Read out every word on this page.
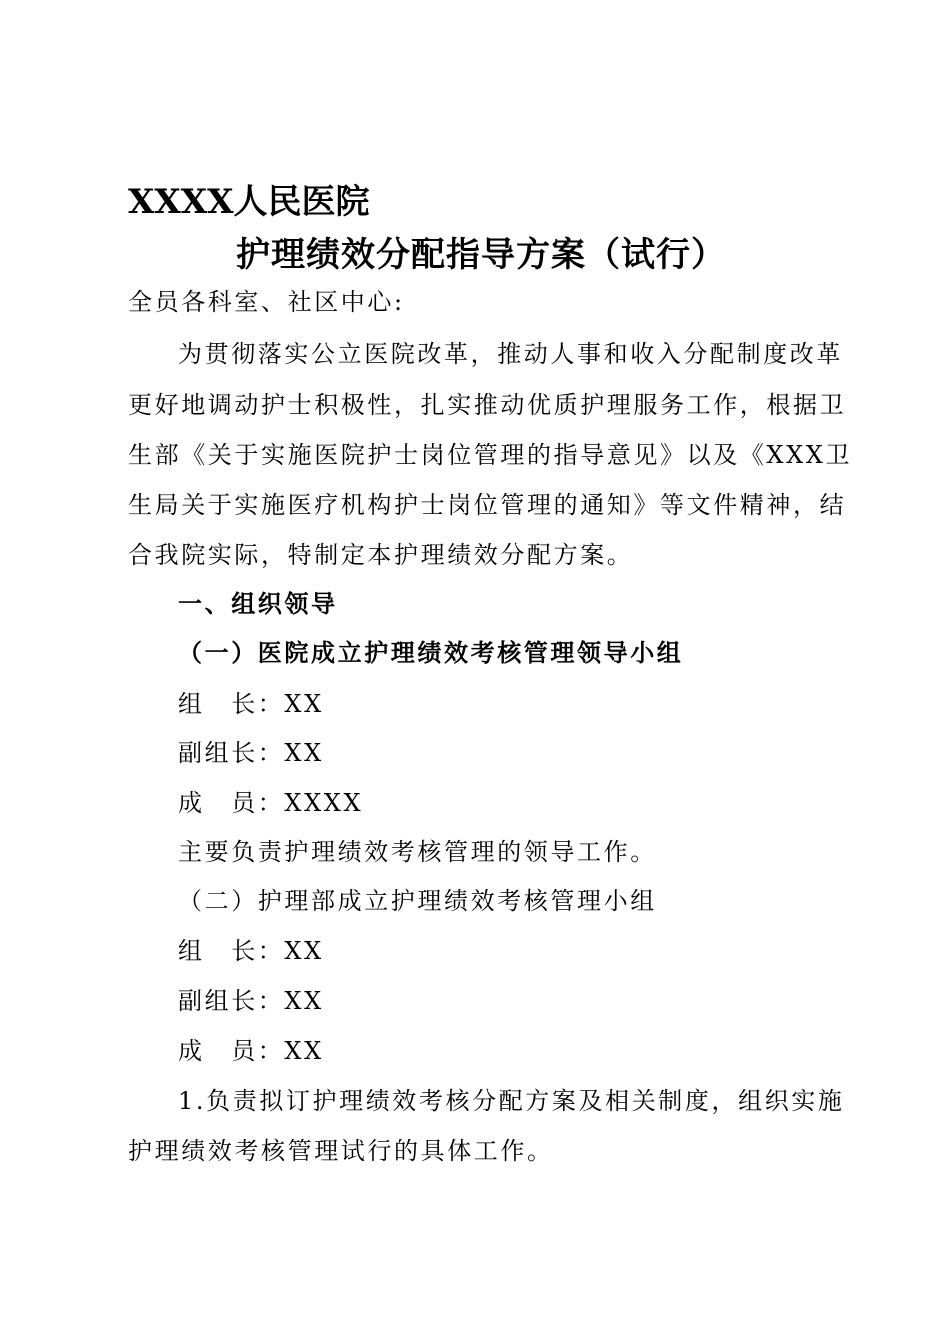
XXXX人民医院
护理绩效分配指导方案（试行）
全员各科室、社区中心:
为贯彻落实公立医院改革，推动人事和收入分配制度改革
更好地调动护士积极性，扎实推动优质护理服务工作，根据卫
生部《关于实施医院护士岗位管理的指导意见》以及《XXX卫
生局关于实施医疗机构护士岗位管理的通知》等文件精神，结
合我院实际，特制定本护理绩效分配方案。
一、组织领导
（一）医院成立护理绩效考核管理领导小组
组　长：XX
副组长：XX
成　员：XXXX
主要负责护理绩效考核管理的领导工作。
（二）护理部成立护理绩效考核管理小组
组　长：XX
副组长：XX
成　员：XX
1.负责拟订护理绩效考核分配方案及相关制度，组织实施
护理绩效考核管理试行的具体工作。
